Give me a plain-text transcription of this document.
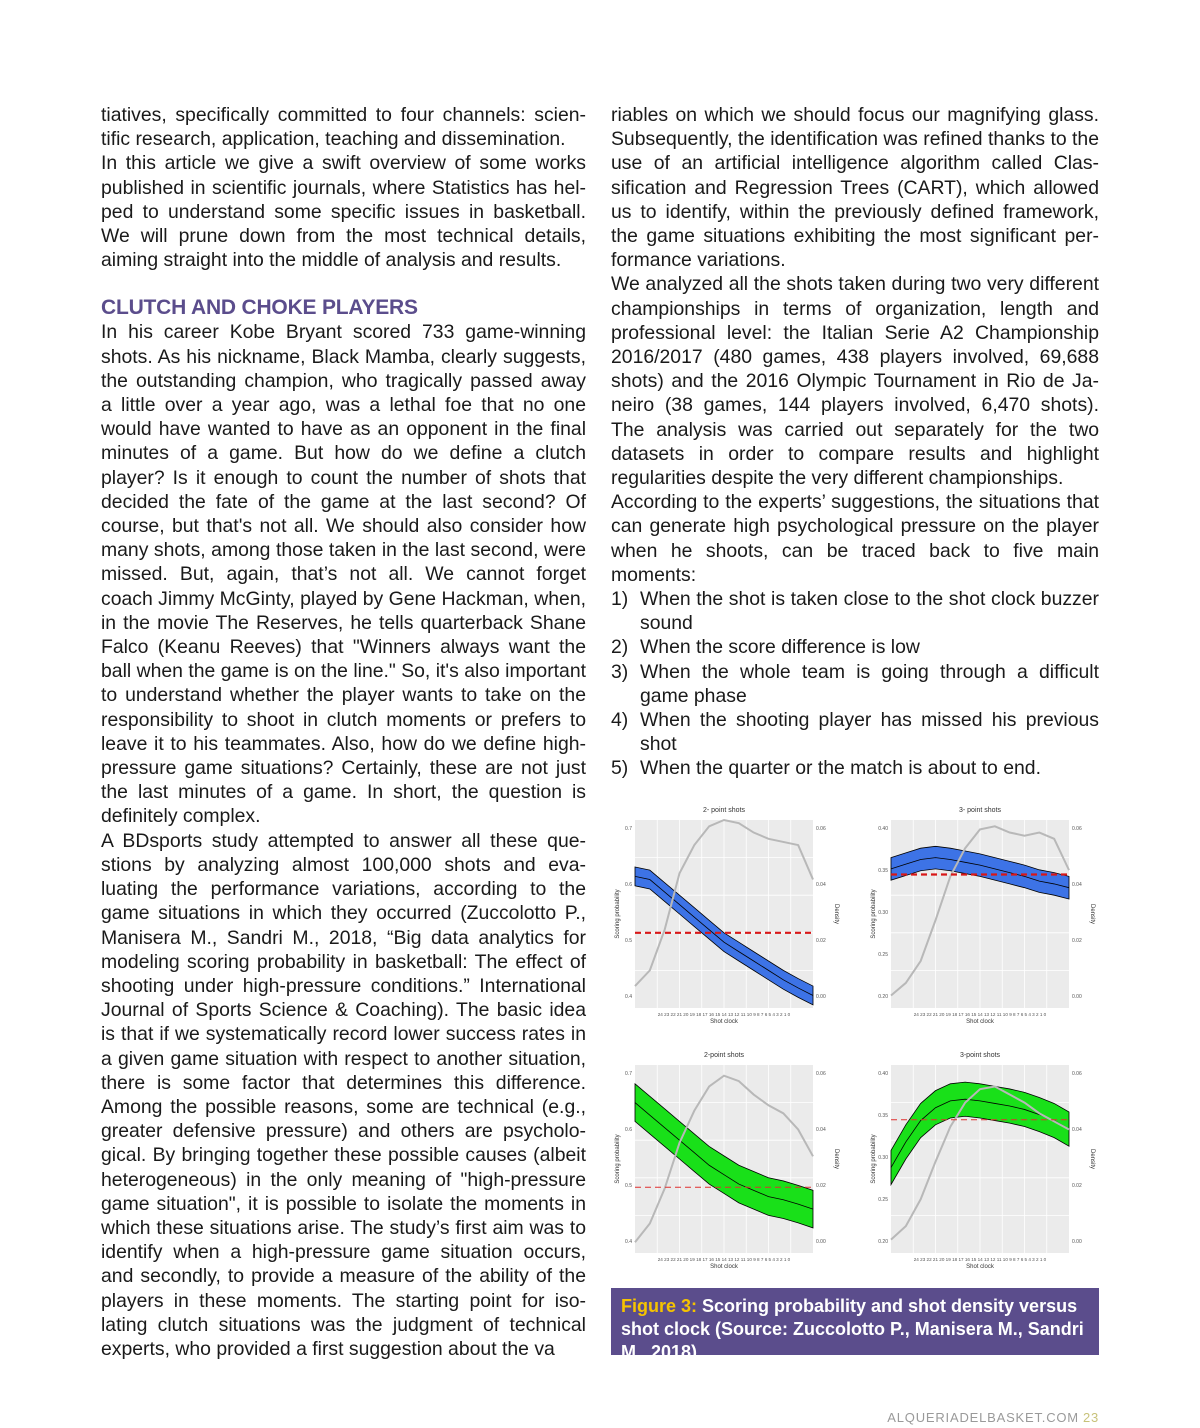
tiatives, specifically committed to four channels: scientific research, application, teaching and dissemination.

In this article we give a swift overview of some works published in scientific journals, where Statistics has helped to understand some specific issues in basketball. We will prune down from the most technical details, aiming straight into the middle of analysis and results.

CLUTCH AND CHOKE PLAYERS

In his career Kobe Bryant scored 733 game-winning shots. As his nickname, Black Mamba, clearly suggests, the outstanding champion, who tragically passed away a little over a year ago, was a lethal foe that no one would have wanted to have as an opponent in the final minutes of a game. But how do we define a clutch player? Is it enough to count the number of shots that decided the fate of the game at the last second? Of course, but that's not all. We should also consider how many shots, among those taken in the last second, were missed. But, again, that’s not all. We cannot forget coach Jimmy McGinty, played by Gene Hackman, when, in the movie The Reserves, he tells quarterback Shane Falco (Keanu Reeves) that "Winners always want the ball when the game is on the line." So, it's also important to understand whether the player wants to take on the responsibility to shoot in clutch moments or prefers to leave it to his teammates. Also, how do we define high-pressure game situations? Certainly, these are not just the last minutes of a game. In short, the question is definitely complex.

A BDsports study attempted to answer all these questions by analyzing almost 100,000 shots and evaluating the performance variations, according to the game situations in which they occurred (Zuccolotto P., Manisera M., Sandri M., 2018, “Big data analytics for modeling scoring probability in basketball: The effect of shooting under high-pressure conditions.” International Journal of Sports Science & Coaching). The basic idea is that if we systematically record lower success rates in a given game situation with respect to another situation, there is some factor that determines this difference. Among the possible reasons, some are technical (e.g., greater defensive pressure) and others are psychological. By bringing together these possible causes (albeit heterogeneous) in the only meaning of "high-pressure game situation", it is possible to isolate the moments in which these situations arise. The study’s first aim was to identify when a high-pressure game situation occurs, and secondly, to provide a measure of the ability of the players in these moments. The starting point for isolating clutch situations was the judgment of technical experts, who provided a first suggestion about the va

riables on which we should focus our magnifying glass. Subsequently, the identification was refined thanks to the use of an artificial intelligence algorithm called Classification and Regression Trees (CART), which allowed us to identify, within the previously defined framework, the game situations exhibiting the most significant performance variations.

We analyzed all the shots taken during two very different championships in terms of organization, length and professional level: the Italian Serie A2 Championship 2016/2017 (480 games, 438 players involved, 69,688 shots) and the 2016 Olympic Tournament in Rio de Janeiro (38 games, 144 players involved, 6,470 shots). The analysis was carried out separately for the two datasets in order to compare results and highlight regularities despite the very different championships.

According to the experts’ suggestions, the situations that can generate high psychological pressure on the player when he shoots, can be traced back to five main moments:

1) When the shot is taken close to the shot clock buzzer sound
2) When the score difference is low
3) When the whole team is going through a difficult game phase
4) When the shooting player has missed his previous shot
5) When the quarter or the match is about to end.
2- point shots
0.7
0.6
0.5
0.4
0.06
0.04
0.02
0.00
Scoring probability	Density
24 23 22 21 20 19 18 17 16 15 14 13 12 11 10 9 8 7 6 5 4 3 2 1 0
Shot clock
3- point shots
0.40
0.35
0.30
0.25
0.20
0.06
0.04
0.02
0.00
Scoring probability	Density
24 23 22 21 20 19 18 17 16 15 14 13 12 11 10 9 8 7 6 5 4 3 2 1 0
Shot clock
2-point shots
0.7
0.6
0.5
0.4
0.06
0.04
0.02
0.00
Scoring probability	Density
24 23 22 21 20 19 18 17 16 15 14 13 12 11 10 9 8 7 6 5 4 3 2 1 0
Shot clock
3-point shots
0.40
0.35
0.30
0.25
0.20
0.06
0.04
0.02
0.00
Scoring probability	Density
24 23 22 21 20 19 18 17 16 15 14 13 12 11 10 9 8 7 6 5 4 3 2 1 0
Shot clock
Figure 3: Scoring probability and shot density versus shot clock (Source: Zuccolotto P., Manisera M., Sandri M., 2018)
ALQUERIADELBASKET.COM 23
